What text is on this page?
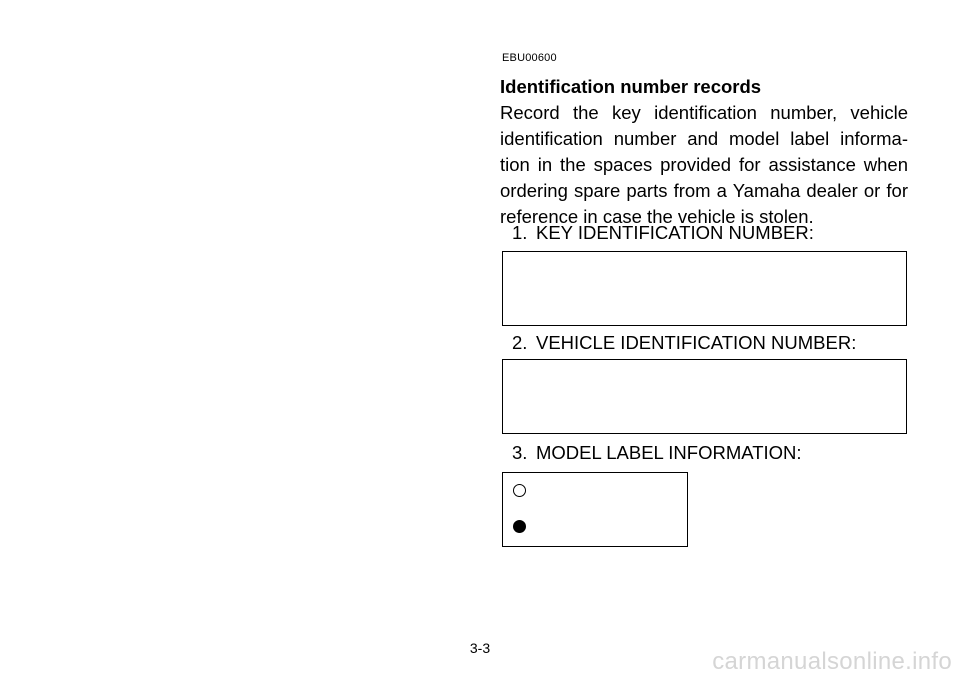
EBU00600
Identification number records
Record the key identification number, vehicle
identification number and model label informa-
tion in the spaces provided for assistance when
ordering spare parts from a Yamaha dealer or for
reference in case the vehicle is stolen.
1. KEY IDENTIFICATION NUMBER:
2. VEHICLE IDENTIFICATION NUMBER:
3. MODEL LABEL INFORMATION:
3-3	carmanualsonline.info
